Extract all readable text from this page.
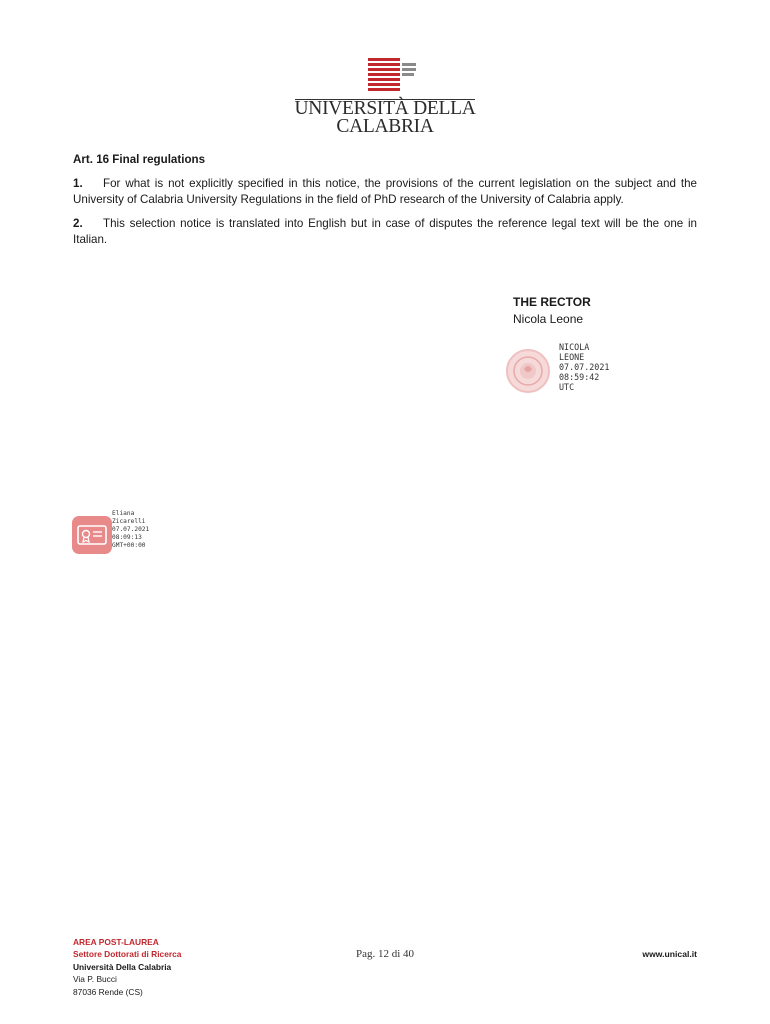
UNIVERSITÀ DELLA
CALABRIA
Art. 16 Final regulations

1. For what is not explicitly specified in this notice, the provisions of the current legislation on the subject and the University of Calabria University Regulations in the field of PhD research of the University of Calabria apply.

2. This selection notice is translated into English but in case of disputes the reference legal text will be the one in Italian.

THE RECTOR
Nicola Leone
NICOLA
LEONE
07.07.2021
08:59:42
UTC
Eliana
Zicarelli
07.07.2021
08:09:13
GMT+00:00
AREA POST-LAUREA
Settore Dottorati di Ricerca
Università Della Calabria
Via P. Bucci
87036 Rende (CS)
Pag. 12 di 40	www.unical.it
